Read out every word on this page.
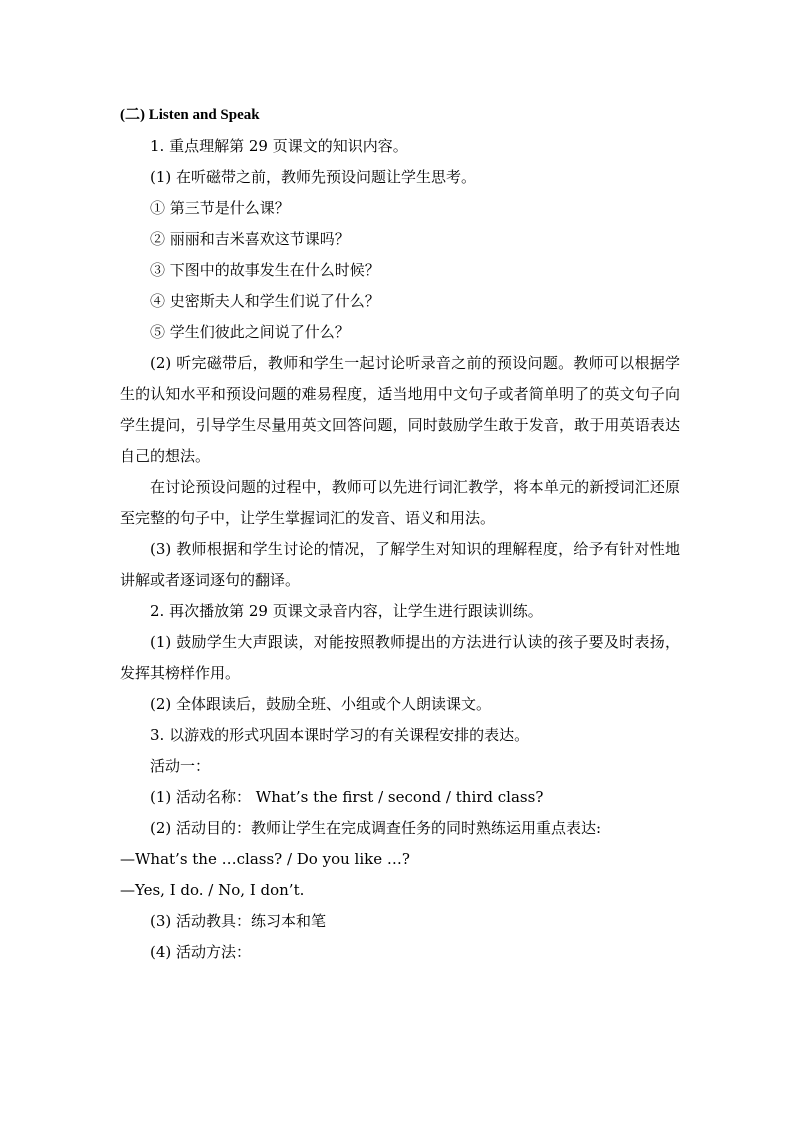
(二) Listen and Speak

1. 重点理解第 29 页课文的知识内容。

(1) 在听磁带之前，教师先预设问题让学生思考。

① 第三节是什么课？

② 丽丽和吉米喜欢这节课吗？

③ 下图中的故事发生在什么时候？

④ 史密斯夫人和学生们说了什么？

⑤ 学生们彼此之间说了什么？

(2) 听完磁带后，教师和学生一起讨论听录音之前的预设问题。教师可以根据学生的认知水平和预设问题的难易程度，适当地用中文句子或者简单明了的英文句子向学生提问，引导学生尽量用英文回答问题，同时鼓励学生敢于发音，敢于用英语表达自己的想法。

在讨论预设问题的过程中，教师可以先进行词汇教学，将本单元的新授词汇还原至完整的句子中，让学生掌握词汇的发音、语义和用法。

(3) 教师根据和学生讨论的情况，了解学生对知识的理解程度，给予有针对性地讲解或者逐词逐句的翻译。

2. 再次播放第 29 页课文录音内容，让学生进行跟读训练。

(1) 鼓励学生大声跟读，对能按照教师提出的方法进行认读的孩子要及时表扬，发挥其榜样作用。

(2) 全体跟读后，鼓励全班、小组或个人朗读课文。

3. 以游戏的形式巩固本课时学习的有关课程安排的表达。

活动一：

(1) 活动名称： What’s the first / second / third class?

(2) 活动目的：教师让学生在完成调查任务的同时熟练运用重点表达:

—What’s the …class? / Do you like …?

—Yes, I do. / No, I don’t.

(3) 活动教具：练习本和笔

(4) 活动方法：
